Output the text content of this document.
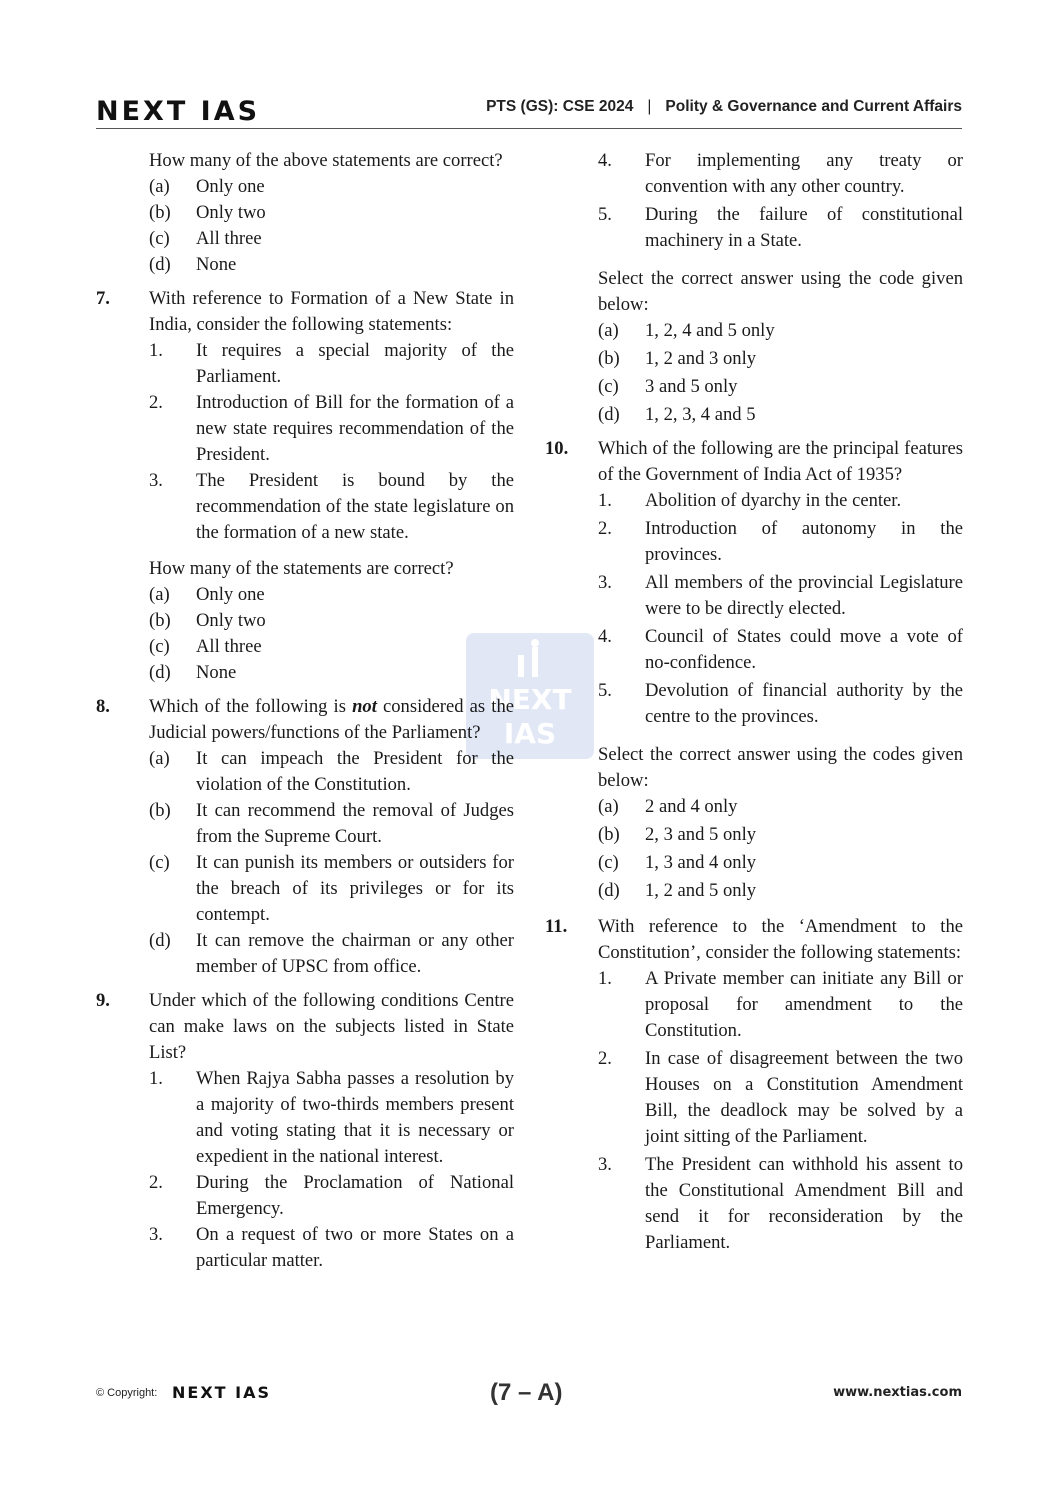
NEXT IAS	PTS (GS): CSE 2024 | Polity & Governance and Current Affairs
NEXT
IAS
How many of the above statements are correct?
(a)	Only one
(b)	Only two
(c)	All three
(d)	None
7.	With reference to Formation of a New State in India, consider the following statements:
1.	It requires a special majority of the Parliament.
2.	Introduction of Bill for the formation of a new state requires recommendation of the President.
3.	The President is bound by the recommendation of the state legislature on the formation of a new state.
How many of the statements are correct?
(a)	Only one
(b)	Only two
(c)	All three
(d)	None
8.	Which of the following is not considered as the Judicial powers/functions of the Parliament?
(a)	It can impeach the President for the violation of the Constitution.
(b)	It can recommend the removal of Judges from the Supreme Court.
(c)	It can punish its members or outsiders for the breach of its privileges or for its contempt.
(d)	It can remove the chairman or any other member of UPSC from office.
9.	Under which of the following conditions Centre can make laws on the subjects listed in State List?
1.	When Rajya Sabha passes a resolution by a majority of two-thirds members present and voting stating that it is necessary or expedient in the national interest.
2.	During the Proclamation of National Emergency.
3.	On a request of two or more States on a particular matter.
4.	For implementing any treaty or convention with any other country.
5.	During the failure of constitutional machinery in a State.
Select the correct answer using the code given below:
(a)	1, 2, 4 and 5 only
(b)	1, 2 and 3 only
(c)	3 and 5 only
(d)	1, 2, 3, 4 and 5
10.	Which of the following are the principal features of the Government of India Act of 1935?
1.	Abolition of dyarchy in the center.
2.	Introduction of autonomy in the provinces.
3.	All members of the provincial Legislature were to be directly elected.
4.	Council of States could move a vote of no-confidence.
5.	Devolution of financial authority by the centre to the provinces.
Select the correct answer using the codes given below:
(a)	2 and 4 only
(b)	2, 3 and 5 only
(c)	1, 3 and 4 only
(d)	1, 2 and 5 only
11.	With reference to the ‘Amendment to the Constitution’, consider the following statements:
1.	A Private member can initiate any Bill or proposal for amendment to the Constitution.
2.	In case of disagreement between the two Houses on a Constitution Amendment Bill, the deadlock may be solved by a joint sitting of the Parliament.
3.	The President can withhold his assent to the Constitutional Amendment Bill and send it for reconsideration by the Parliament.
© Copyright: NEXT IAS	(7 – A)	www.nextias.com
